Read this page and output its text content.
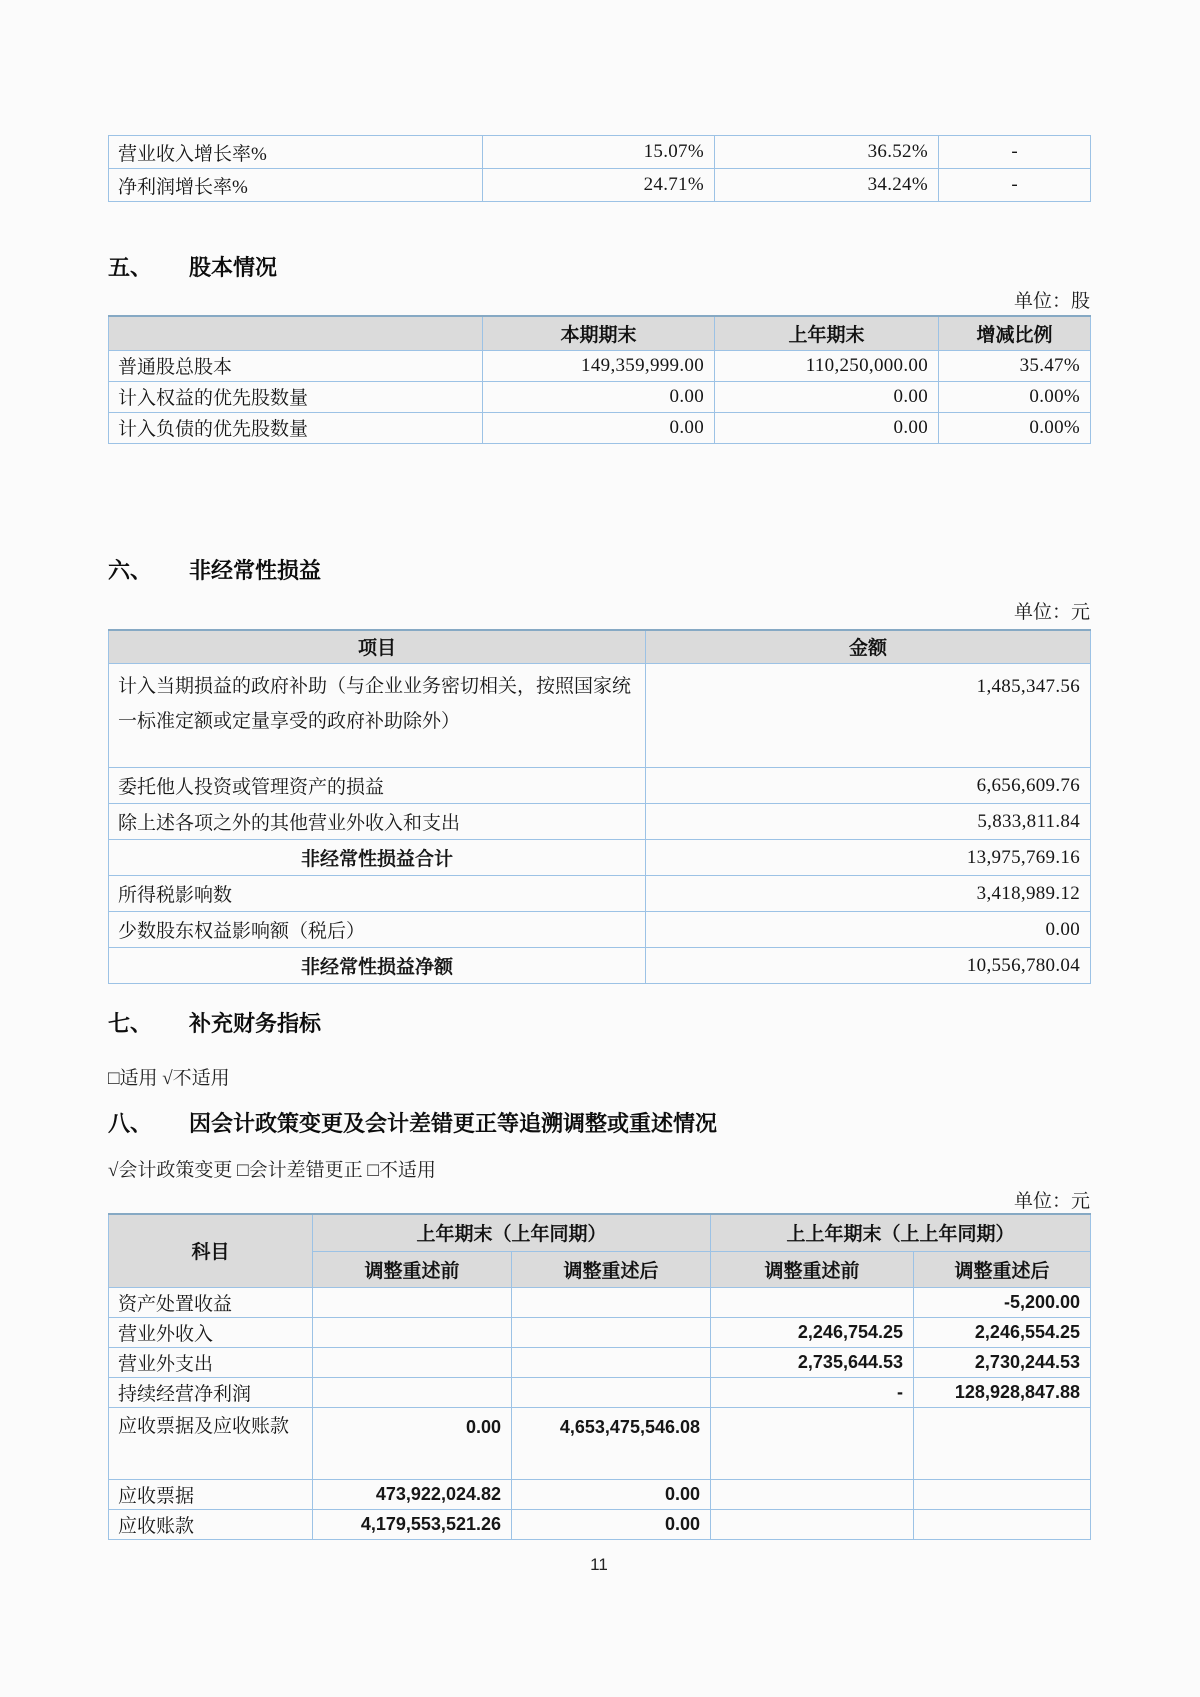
营业收入增长率%	15.07%	36.52%	-
净利润增长率%	24.71%	34.24%	-
五、 股本情况
单位：股
	本期期末	上年期末	增减比例
普通股总股本	149,359,999.00	110,250,000.00	35.47%
计入权益的优先股数量	0.00	0.00	0.00%
计入负债的优先股数量	0.00	0.00	0.00%
六、 非经常性损益
单位：元
项目	金额
计入当期损益的政府补助（与企业业务密切相关，按照国家统一标准定额或定量享受的政府补助除外）	1,485,347.56
委托他人投资或管理资产的损益	6,656,609.76
除上述各项之外的其他营业外收入和支出	5,833,811.84
非经常性损益合计	13,975,769.16
所得税影响数	3,418,989.12
少数股东权益影响额（税后）	0.00
非经常性损益净额	10,556,780.04
七、 补充财务指标
□适用 √不适用
八、 因会计政策变更及会计差错更正等追溯调整或重述情况
√会计政策变更 □会计差错更正 □不适用
单位：元
科目	上年期末（上年同期）		上上年期末（上上年同期）	
	调整重述前	调整重述后	调整重述前	调整重述后
资产处置收益				-5,200.00
营业外收入			2,246,754.25	2,246,554.25
营业外支出			2,735,644.53	2,730,244.53
持续经营净利润			-	128,928,847.88
应收票据及应收账款	0.00	4,653,475,546.08		
应收票据	473,922,024.82	0.00		
应收账款	4,179,553,521.26	0.00		
11
